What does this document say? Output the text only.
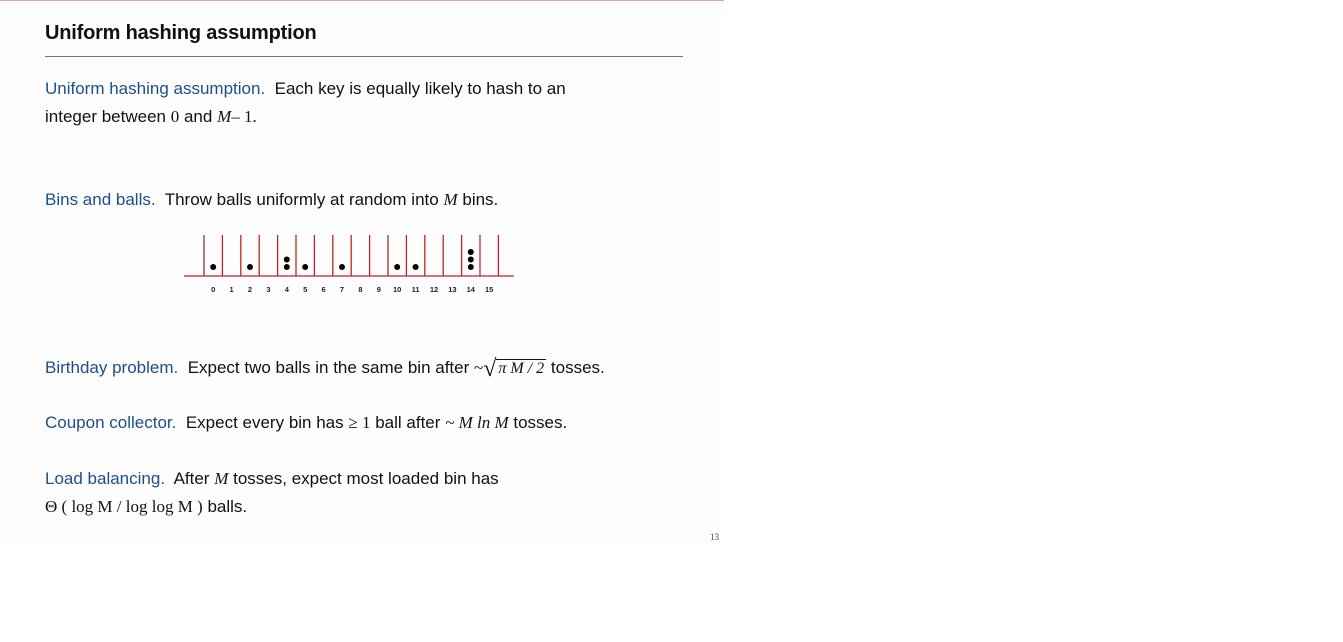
Uniform hashing assumption
Uniform hashing assumption. Each key is equally likely to hash to an
integer between 0 and M– 1.
Bins and balls. Throw balls uniformly at random into M bins.
0 1 2 3 4 5 6 7 8 9 10 11 12 13 14 15
Birthday problem. Expect two balls in the same bin after ~√ π M / 2 tosses.
Coupon collector. Expect every bin has ≥ 1 ball after ~ M ln M tosses.
Load balancing. After M tosses, expect most loaded bin has
Θ ( log M / log log M ) balls.
13
